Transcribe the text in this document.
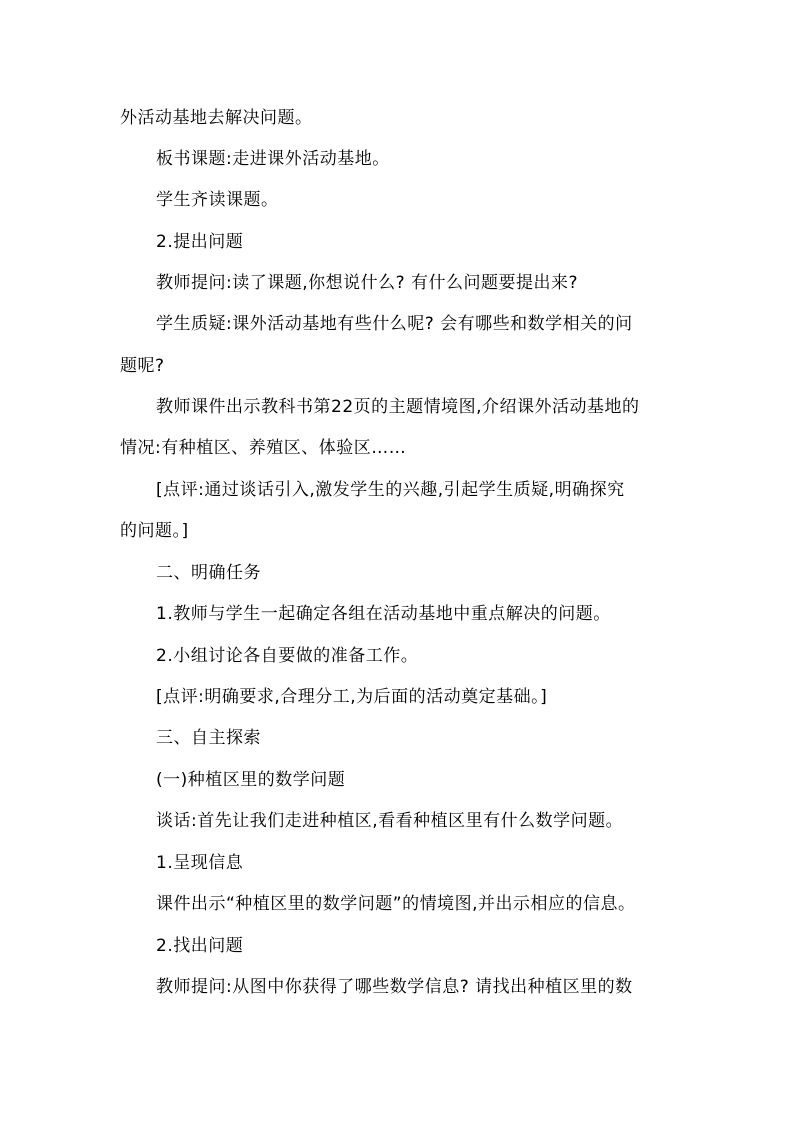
外活动基地去解决问题。
板书课题:走进课外活动基地。
学生齐读课题。
2.提出问题
教师提问:读了课题,你想说什么? 有什么问题要提出来?
学生质疑:课外活动基地有些什么呢? 会有哪些和数学相关的问
题呢?
教师课件出示教科书第22页的主题情境图,介绍课外活动基地的
情况:有种植区、养殖区、体验区……
[点评:通过谈话引入,激发学生的兴趣,引起学生质疑,明确探究
的问题。]
二、明确任务
1.教师与学生一起确定各组在活动基地中重点解决的问题。
2.小组讨论各自要做的准备工作。
[点评:明确要求,合理分工,为后面的活动奠定基础。]
三、自主探索
(一)种植区里的数学问题
谈话:首先让我们走进种植区,看看种植区里有什么数学问题。
1.呈现信息
课件出示“种植区里的数学问题”的情境图,并出示相应的信息。
2.找出问题
教师提问:从图中你获得了哪些数学信息? 请找出种植区里的数
